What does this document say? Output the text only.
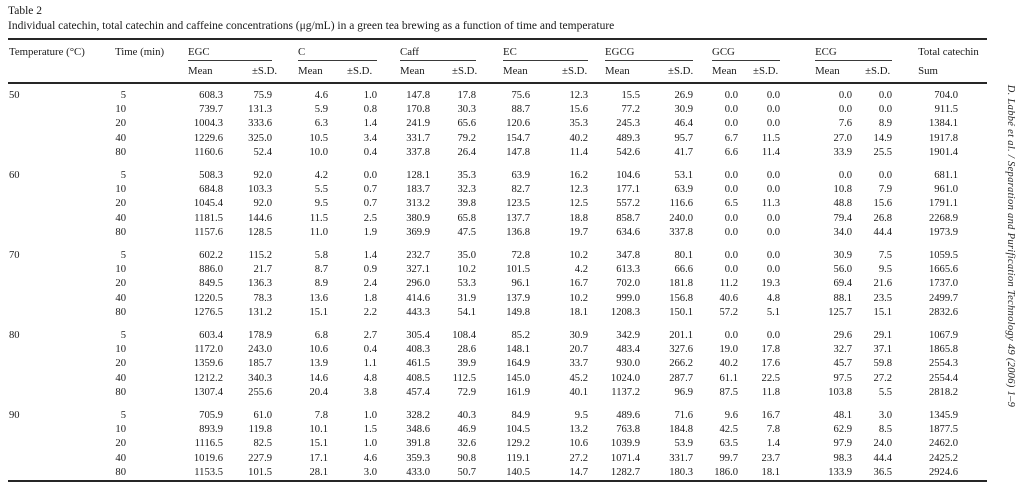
Table 2
Individual catechin, total catechin and caffeine concentrations (μg/mL) in a green tea brewing as a function of time and temperature
Temperature (°C)	Time (min)	EGC		C		Caff		EC		EGCG		GCG		ECG		Total catechin
		Mean	±S.D.	Mean	±S.D.	Mean	±S.D.	Mean	±S.D.	Mean	±S.D.	Mean	±S.D.	Mean	±S.D.	Sum
50	5	608.3	75.9	4.6	1.0	147.8	17.8	75.6	12.3	15.5	26.9	0.0	0.0	0.0	0.0	704.0
	10	739.7	131.3	5.9	0.8	170.8	30.3	88.7	15.6	77.2	30.9	0.0	0.0	0.0	0.0	911.5
	20	1004.3	333.6	6.3	1.4	241.9	65.6	120.6	35.3	245.3	46.4	0.0	0.0	7.6	8.9	1384.1
	40	1229.6	325.0	10.5	3.4	331.7	79.2	154.7	40.2	489.3	95.7	6.7	11.5	27.0	14.9	1917.8
	80	1160.6	52.4	10.0	0.4	337.8	26.4	147.8	11.4	542.6	41.7	6.6	11.4	33.9	25.5	1901.4

60	5	508.3	92.0	4.2	0.0	128.1	35.3	63.9	16.2	104.6	53.1	0.0	0.0	0.0	0.0	681.1
	10	684.8	103.3	5.5	0.7	183.7	32.3	82.7	12.3	177.1	63.9	0.0	0.0	10.8	7.9	961.0
	20	1045.4	92.0	9.5	0.7	313.2	39.8	123.5	12.5	557.2	116.6	6.5	11.3	48.8	15.6	1791.1
	40	1181.5	144.6	11.5	2.5	380.9	65.8	137.7	18.8	858.7	240.0	0.0	0.0	79.4	26.8	2268.9
	80	1157.6	128.5	11.0	1.9	369.9	47.5	136.8	19.7	634.6	337.8	0.0	0.0	34.0	44.4	1973.9

70	5	602.2	115.2	5.8	1.4	232.7	35.0	72.8	10.2	347.8	80.1	0.0	0.0	30.9	7.5	1059.5
	10	886.0	21.7	8.7	0.9	327.1	10.2	101.5	4.2	613.3	66.6	0.0	0.0	56.0	9.5	1665.6
	20	849.5	136.3	8.9	2.4	296.0	53.3	96.1	16.7	702.0	181.8	11.2	19.3	69.4	21.6	1737.0
	40	1220.5	78.3	13.6	1.8	414.6	31.9	137.9	10.2	999.0	156.8	40.6	4.8	88.1	23.5	2499.7
	80	1276.5	131.2	15.1	2.2	443.3	54.1	149.8	18.1	1208.3	150.1	57.2	5.1	125.7	15.1	2832.6

80	5	603.4	178.9	6.8	2.7	305.4	108.4	85.2	30.9	342.9	201.1	0.0	0.0	29.6	29.1	1067.9
	10	1172.0	243.0	10.6	0.4	408.3	28.6	148.1	20.7	483.4	327.6	19.0	17.8	32.7	37.1	1865.8
	20	1359.6	185.7	13.9	1.1	461.5	39.9	164.9	33.7	930.0	266.2	40.2	17.6	45.7	59.8	2554.3
	40	1212.2	340.3	14.6	4.8	408.5	112.5	145.0	45.2	1024.0	287.7	61.1	22.5	97.5	27.2	2554.4
	80	1307.4	255.6	20.4	3.8	457.4	72.9	161.9	40.1	1137.2	96.9	87.5	11.8	103.8	5.5	2818.2

90	5	705.9	61.0	7.8	1.0	328.2	40.3	84.9	9.5	489.6	71.6	9.6	16.7	48.1	3.0	1345.9
	10	893.9	119.8	10.1	1.5	348.6	46.9	104.5	13.2	763.8	184.8	42.5	7.8	62.9	8.5	1877.5
	20	1116.5	82.5	15.1	1.0	391.8	32.6	129.2	10.6	1039.9	53.9	63.5	1.4	97.9	24.0	2462.0
	40	1019.6	227.9	17.1	4.6	359.3	90.8	119.1	27.2	1071.4	331.7	99.7	23.7	98.3	44.4	2425.2
	80	1153.5	101.5	28.1	3.0	433.0	50.7	140.5	14.7	1282.7	180.3	186.0	18.1	133.9	36.5	2924.6
D. Labbé et al. / Separation and Purification Technology 49 (2006) 1–9
